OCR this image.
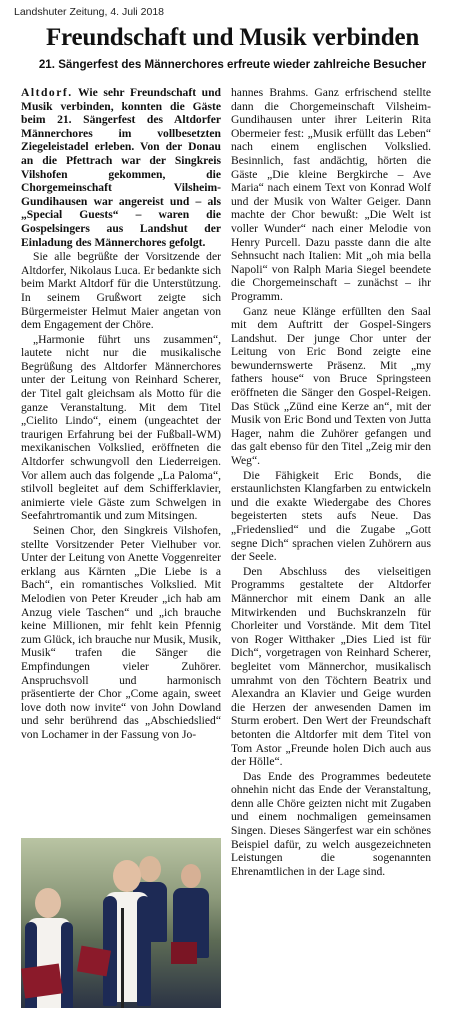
Landshuter Zeitung, 4. Juli 2018
Freundschaft und Musik verbinden
21. Sängerfest des Männerchores erfreute wieder zahlreiche Besucher

Altdorf. Wie sehr Freundschaft und Musik verbinden, konnten die Gäste beim 21. Sängerfest des Altdorfer Männerchores im vollbesetzten Ziegeleistadel erleben. Von der Donau an die Pfettrach war der Singkreis Vilshofen gekommen, die Chorgemeinschaft Vilsheim-Gundihausen war angereist und – als „Special Guests“ – waren die Gospelsingers aus Landshut der Einladung des Männerchores gefolgt.

Sie alle begrüßte der Vorsitzende der Altdorfer, Nikolaus Luca. Er bedankte sich beim Markt Altdorf für die Unterstützung. In seinem Grußwort zeigte sich Bürgermeister Helmut Maier angetan von dem Engagement der Chöre.

„Harmonie führt uns zusammen“, lautete nicht nur die musikalische Begrüßung des Altdorfer Männerchores unter der Leitung von Reinhard Scherer, der Titel galt gleichsam als Motto für die ganze Veranstaltung. Mit dem Titel „Cielito Lindo“, einem (ungeachtet der traurigen Erfahrung bei der Fußball-WM) mexikanischen Volkslied, eröffneten die Altdorfer schwungvoll den Liederreigen. Vor allem auch das folgende „La Paloma“, stilvoll begleitet auf dem Schifferklavier, animierte viele Gäste zum Schwelgen in Seefahrtromantik und zum Mitsingen.

Seinen Chor, den Singkreis Vilshofen, stellte Vorsitzender Peter Vielhuber vor. Unter der Leitung von Anette Voggenreiter erklang aus Kärnten „Die Liebe is a Bach“, ein romantisches Volkslied. Mit Melodien von Peter Kreuder „ich hab am Anzug viele Taschen“ und „ich brauche keine Millionen, mir fehlt kein Pfennig zum Glück, ich brauche nur Musik, Musik, Musik“ trafen die Sänger die Empfindungen vieler Zuhörer. Anspruchsvoll und harmonisch präsentierte der Chor „Come again, sweet love doth now invite“ von John Dowland und sehr berührend das „Abschiedslied“ von Lochamer in der Fassung von Jo-

hannes Brahms. Ganz erfrischend stellte dann die Chorgemeinschaft Vilsheim-Gundihausen unter ihrer Leiterin Rita Obermeier fest: „Musik erfüllt das Leben“ nach einem englischen Volkslied. Besinnlich, fast andächtig, hörten die Gäste „Die kleine Bergkirche – Ave Maria“ nach einem Text von Konrad Wolf und der Musik von Walter Geiger. Dann machte der Chor bewußt: „Die Welt ist voller Wunder“ nach einer Melodie von Henry Purcell. Dazu passte dann die alte Sehnsucht nach Italien: Mit „oh mia bella Napoli“ von Ralph Maria Siegel beendete die Chorgemeinschaft – zunächst – ihr Programm.

Ganz neue Klänge erfüllten den Saal mit dem Auftritt der Gospel-Singers Landshut. Der junge Chor unter der Leitung von Eric Bond zeigte eine bewundernswerte Präsenz. Mit „my fathers house“ von Bruce Springsteen eröffneten die Sänger den Gospel-Reigen. Das Stück „Zünd eine Kerze an“, mit der Musik von Eric Bond und Texten von Jutta Hager, nahm die Zuhörer gefangen und das galt ebenso für den Titel „Zeig mir den Weg“.

Die Fähigkeit Eric Bonds, die erstaunlichsten Klangfarben zu entwickeln und die exakte Wiedergabe des Chores begeisterten stets aufs Neue. Das „Friedenslied“ und die Zugabe „Gott segne Dich“ sprachen vielen Zuhörern aus der Seele.

Den Abschluss des vielseitigen Programms gestaltete der Altdorfer Männerchor mit einem Dank an alle Mitwirkenden und Buchskranzeln für Chorleiter und Vorstände. Mit dem Titel von Roger Witthaker „Dies Lied ist für Dich“, vorgetragen von Reinhard Scherer, begleitet vom Männerchor, musikalisch umrahmt von den Töchtern Beatrix und Alexandra an Klavier und Geige wurden die Herzen der anwesenden Damen im Sturm erobert. Den Wert der Freundschaft betonten die Altdorfer mit dem Titel von Tom Astor „Freunde holen Dich auch aus der Hölle“.

Das Ende des Programmes bedeutete ohnehin nicht das Ende der Veranstaltung, denn alle Chöre geizten nicht mit Zugaben und einem nochmaligen gemeinsamen Singen. Dieses Sängerfest war ein schönes Beispiel dafür, zu welch ausgezeichneten Leistungen die sogenannten Ehrenamtlichen in der Lage sind.
